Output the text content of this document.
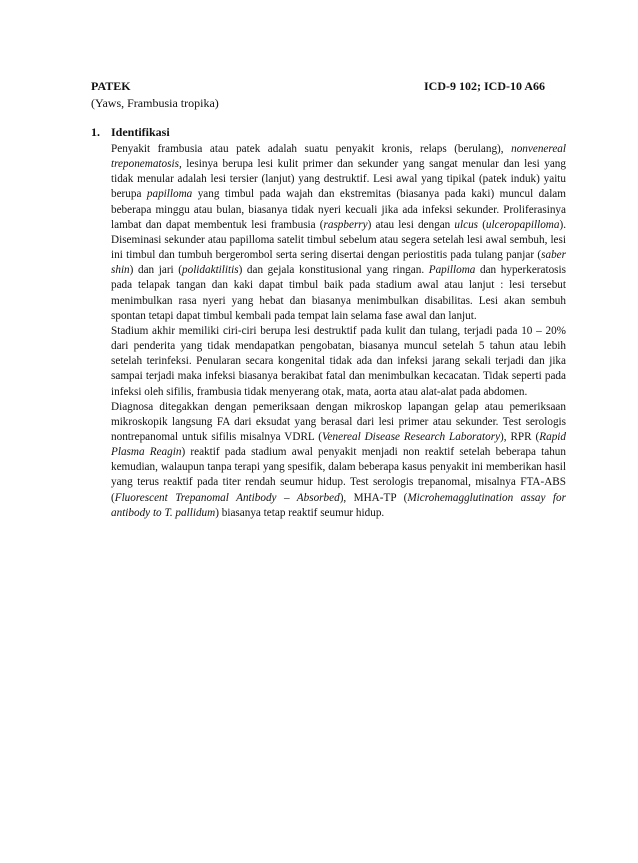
PATEK	ICD-9 102; ICD-10 A66
(Yaws, Frambusia tropika)
1. Identifikasi

Penyakit frambusia atau patek adalah suatu penyakit kronis, relaps (berulang), nonvenereal treponematosis, lesinya berupa lesi kulit primer dan sekunder yang sangat menular dan lesi yang tidak menular adalah lesi tersier (lanjut) yang destruktif. Lesi awal yang tipikal (patek induk) yaitu berupa papilloma yang timbul pada wajah dan ekstremitas (biasanya pada kaki) muncul dalam beberapa minggu atau bulan, biasanya tidak nyeri kecuali jika ada infeksi sekunder. Proliferasinya lambat dan dapat membentuk lesi frambusia (raspberry) atau lesi dengan ulcus (ulceropapilloma). Diseminasi sekunder atau papilloma satelit timbul sebelum atau segera setelah lesi awal sembuh, lesi ini timbul dan tumbuh bergerombol serta sering disertai dengan periostitis pada tulang panjar (saber shin) dan jari (polidaktilitis) dan gejala konstitusional yang ringan. Papilloma dan hyperkeratosis pada telapak tangan dan kaki dapat timbul baik pada stadium awal atau lanjut : lesi tersebut menimbulkan rasa nyeri yang hebat dan biasanya menimbulkan disabilitas. Lesi akan sembuh spontan tetapi dapat timbul kembali pada tempat lain selama fase awal dan lanjut.

Stadium akhir memiliki ciri-ciri berupa lesi destruktif pada kulit dan tulang, terjadi pada 10 – 20% dari penderita yang tidak mendapatkan pengobatan, biasanya muncul setelah 5 tahun atau lebih setelah terinfeksi. Penularan secara kongenital tidak ada dan infeksi jarang sekali terjadi dan jika sampai terjadi maka infeksi biasanya berakibat fatal dan menimbulkan kecacatan. Tidak seperti pada infeksi oleh sifilis, frambusia tidak menyerang otak, mata, aorta atau alat-alat pada abdomen.

Diagnosa ditegakkan dengan pemeriksaan dengan mikroskop lapangan gelap atau pemeriksaan mikroskopik langsung FA dari eksudat yang berasal dari lesi primer atau sekunder. Test serologis nontrepanomal untuk sifilis misalnya VDRL (Venereal Disease Research Laboratory), RPR (Rapid Plasma Reagin) reaktif pada stadium awal penyakit menjadi non reaktif setelah beberapa tahun kemudian, walaupun tanpa terapi yang spesifik, dalam beberapa kasus penyakit ini memberikan hasil yang terus reaktif pada titer rendah seumur hidup. Test serologis trepanomal, misalnya FTA-ABS (Fluorescent Trepanomal Antibody – Absorbed), MHA-TP (Microhemagglutination assay for antibody to T. pallidum) biasanya tetap reaktif seumur hidup.
